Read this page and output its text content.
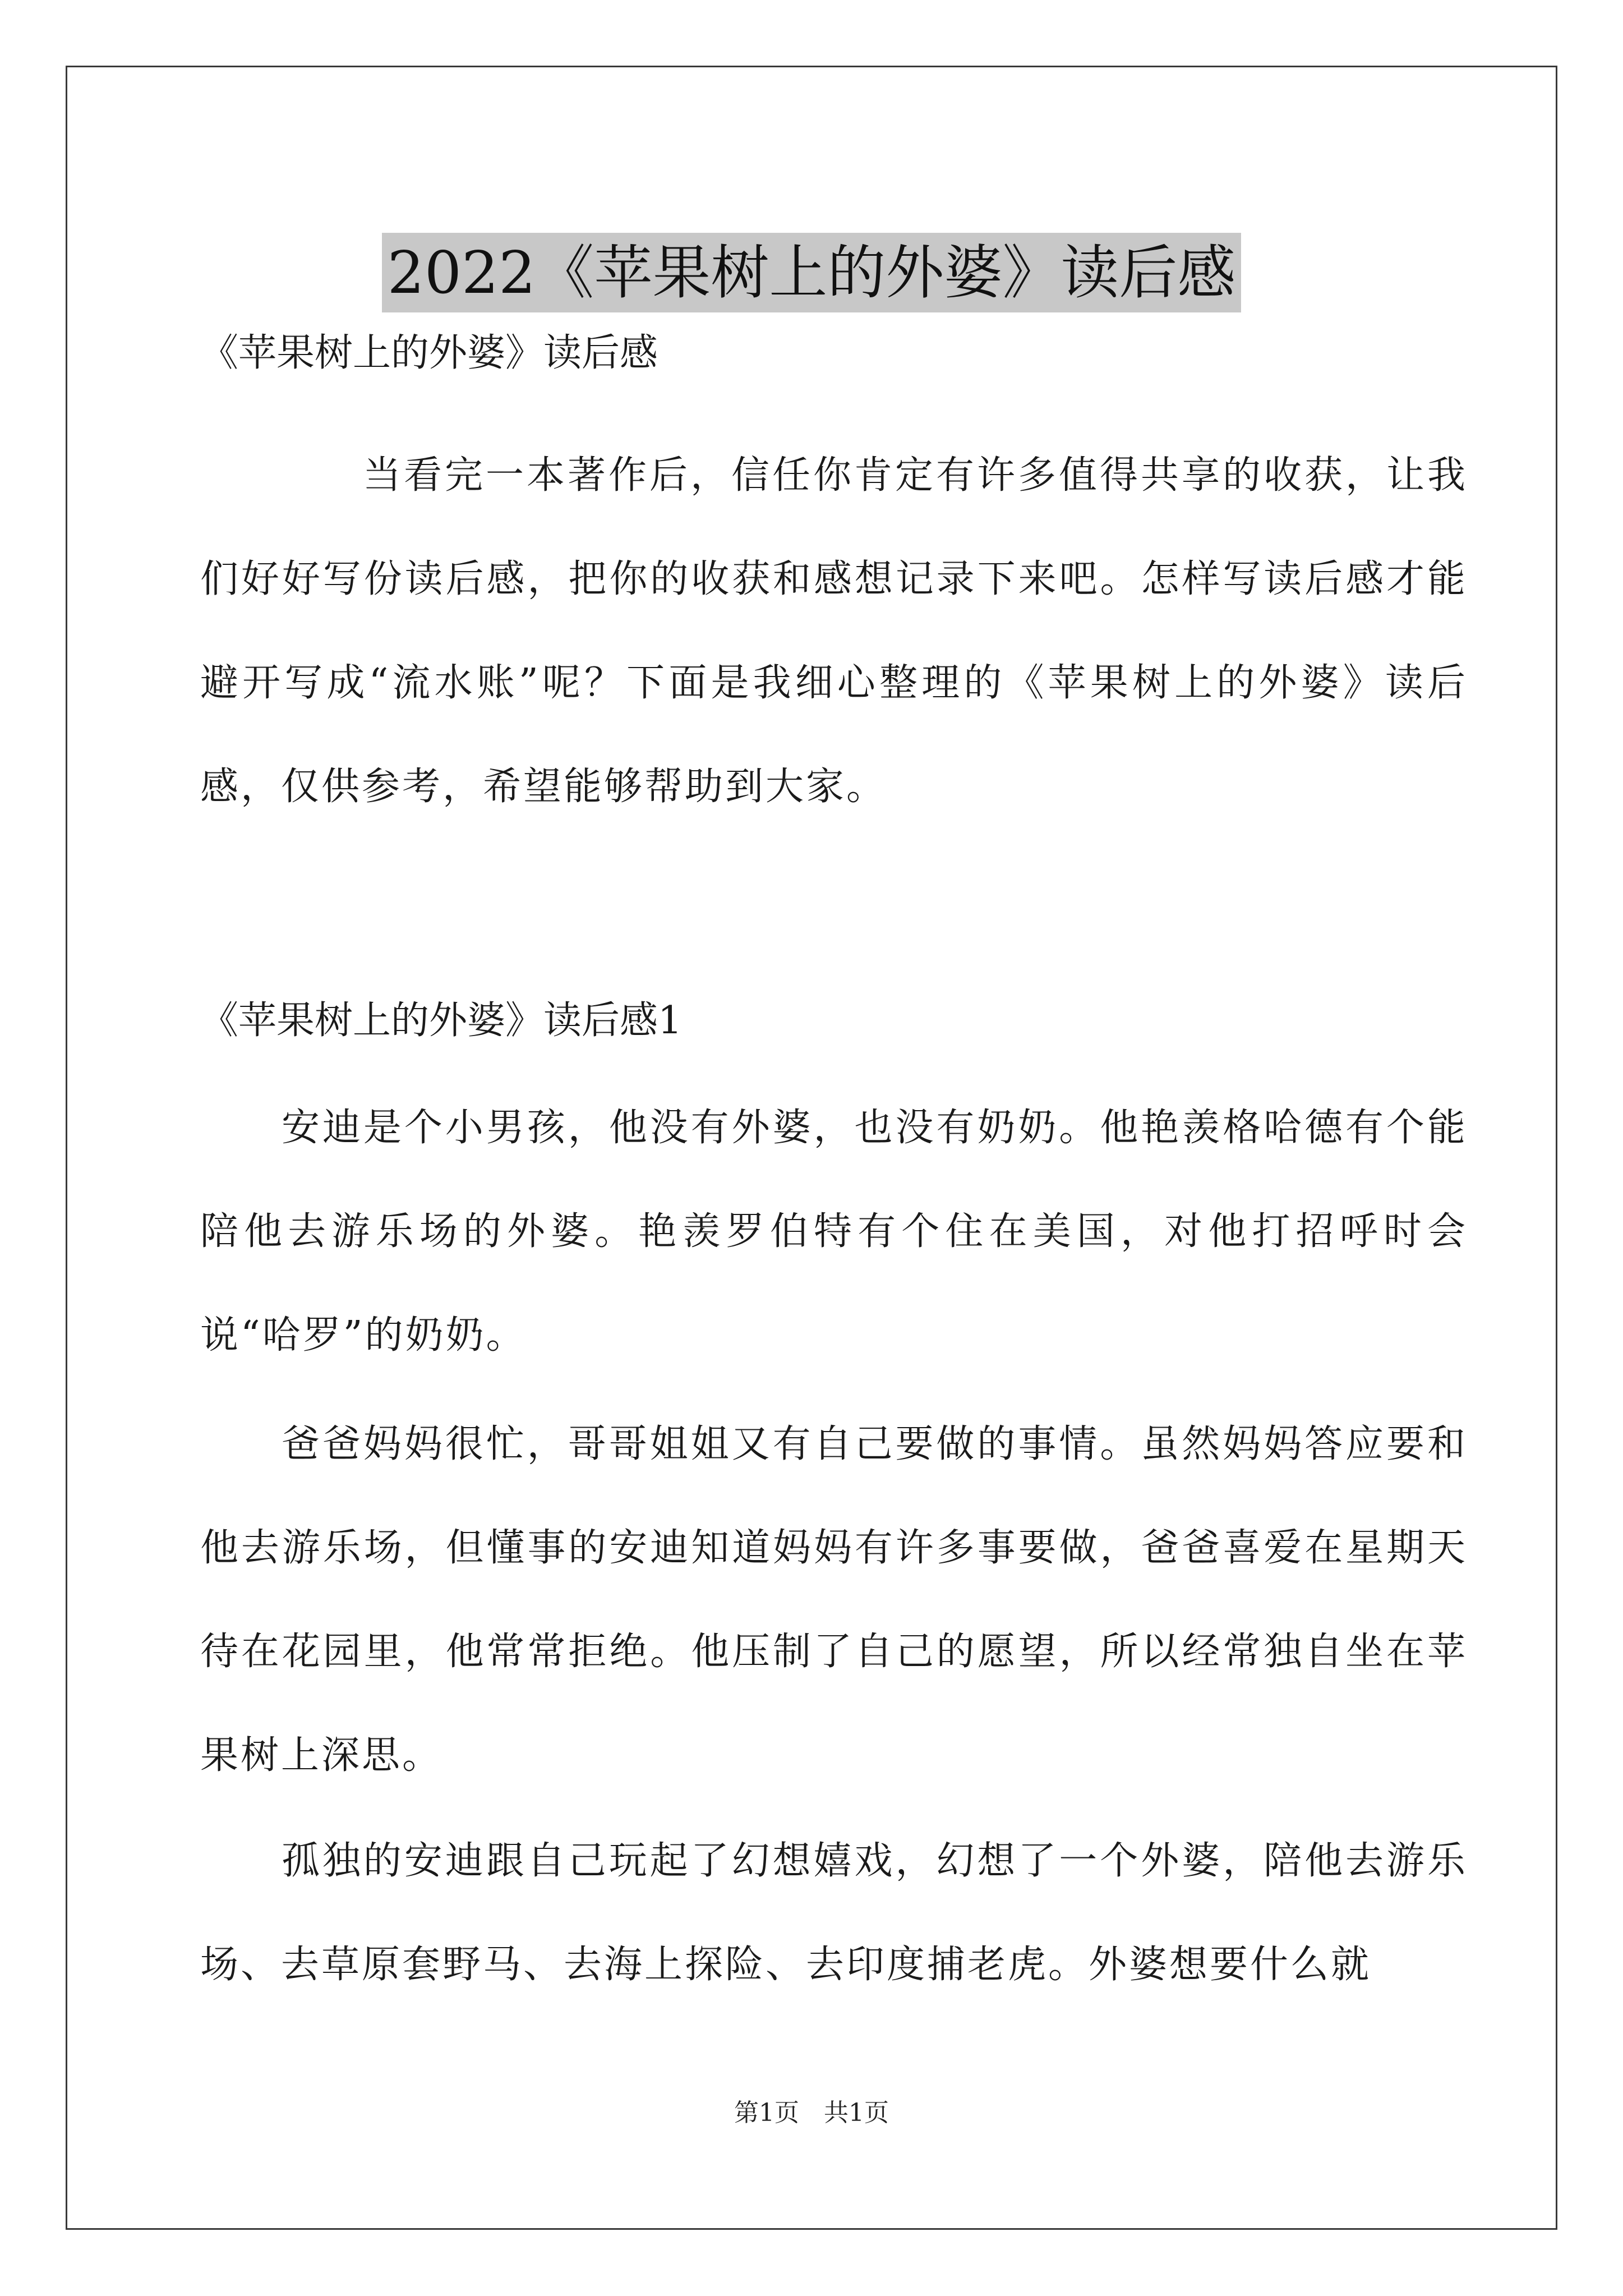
2022《苹果树上的外婆》读后感

《苹果树上的外婆》读后感

当看完一本著作后，信任你肯定有许多值得共享的收获，让我们好好写份读后感，把你的收获和感想记录下来吧。怎样写读后感才能避开写成“流水账”呢？下面是我细心整理的《苹果树上的外婆》读后感，仅供参考，希望能够帮助到大家。

《苹果树上的外婆》读后感1

安迪是个小男孩，他没有外婆，也没有奶奶。他艳羡格哈德有个能陪他去游乐场的外婆。艳羡罗伯特有个住在美国，对他打招呼时会说“哈罗”的奶奶。

爸爸妈妈很忙，哥哥姐姐又有自己要做的事情。虽然妈妈答应要和他去游乐场，但懂事的安迪知道妈妈有许多事要做，爸爸喜爱在星期天待在花园里，他常常拒绝。他压制了自己的愿望，所以经常独自坐在苹果树上深思。

孤独的安迪跟自己玩起了幻想嬉戏，幻想了一个外婆，陪他去游乐场、去草原套野马、去海上探险、去印度捕老虎。外婆想要什么就

第1页　共1页
